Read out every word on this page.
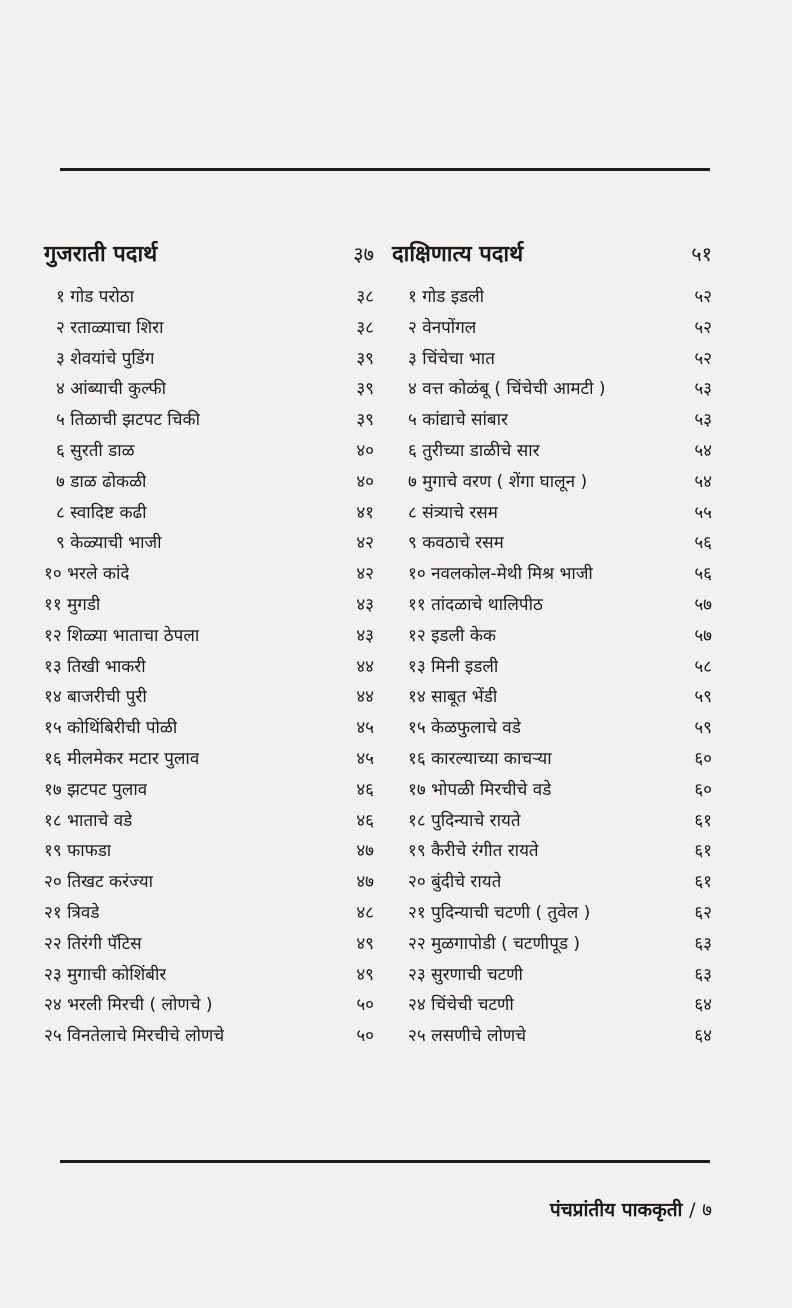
गुजराती पदार्थ	३७
१ गोड परोठा	३८
२ रताळ्याचा शिरा	३८
३ शेवयांचे पुडिंग	३९
४ आंब्याची कुल्फी	३९
५ तिळाची झटपट चिकी	३९
६ सुरती डाळ	४०
७ डाळ ढोकळी	४०
८ स्वादिष्ट कढी	४१
९ केळ्याची भाजी	४२
१० भरले कांदे	४२
११ मुगडी	४३
१२ शिळ्या भाताचा ठेपला	४३
१३ तिखी भाकरी	४४
१४ बाजरीची पुरी	४४
१५ कोथिंबिरीची पोळी	४५
१६ मीलमेकर मटार पुलाव	४५
१७ झटपट पुलाव	४६
१८ भाताचे वडे	४६
१९ फाफडा	४७
२० तिखट करंज्या	४७
२१ त्रिवडे	४८
२२ तिरंगी पॅटिस	४९
२३ मुगाची कोशिंबीर	४९
२४ भरली मिरची ( लोणचे )	५०
२५ विनतेलाचे मिरचीचे लोणचे	५०
दाक्षिणात्य पदार्थ	५१
१ गोड इडली	५२
२ वेनपोंगल	५२
३ चिंचेचा भात	५२
४ वत्त कोळंबू ( चिंचेची आमटी )	५३
५ कांद्याचे सांबार	५३
६ तुरीच्या डाळीचे सार	५४
७ मुगाचे वरण ( शेंगा घालून )	५४
८ संत्र्याचे रसम	५५
९ कवठाचे रसम	५६
१० नवलकोल-मेथी मिश्र भाजी	५६
११ तांदळाचे थालिपीठ	५७
१२ इडली केक	५७
१३ मिनी इडली	५८
१४ साबूत भेंडी	५९
१५ केळफुलाचे वडे	५९
१६ कारल्याच्या काचऱ्या	६०
१७ भोपळी मिरचीचे वडे	६०
१८ पुदिन्याचे रायते	६१
१९ कैरीचे रंगीत रायते	६१
२० बुंदीचे रायते	६१
२१ पुदिन्याची चटणी ( तुवेल )	६२
२२ मुळगापोडी ( चटणीपूड )	६३
२३ सुरणाची चटणी	६३
२४ चिंचेची चटणी	६४
२५ लसणीचे लोणचे	६४
पंचप्रांतीय पाककृती / ७
